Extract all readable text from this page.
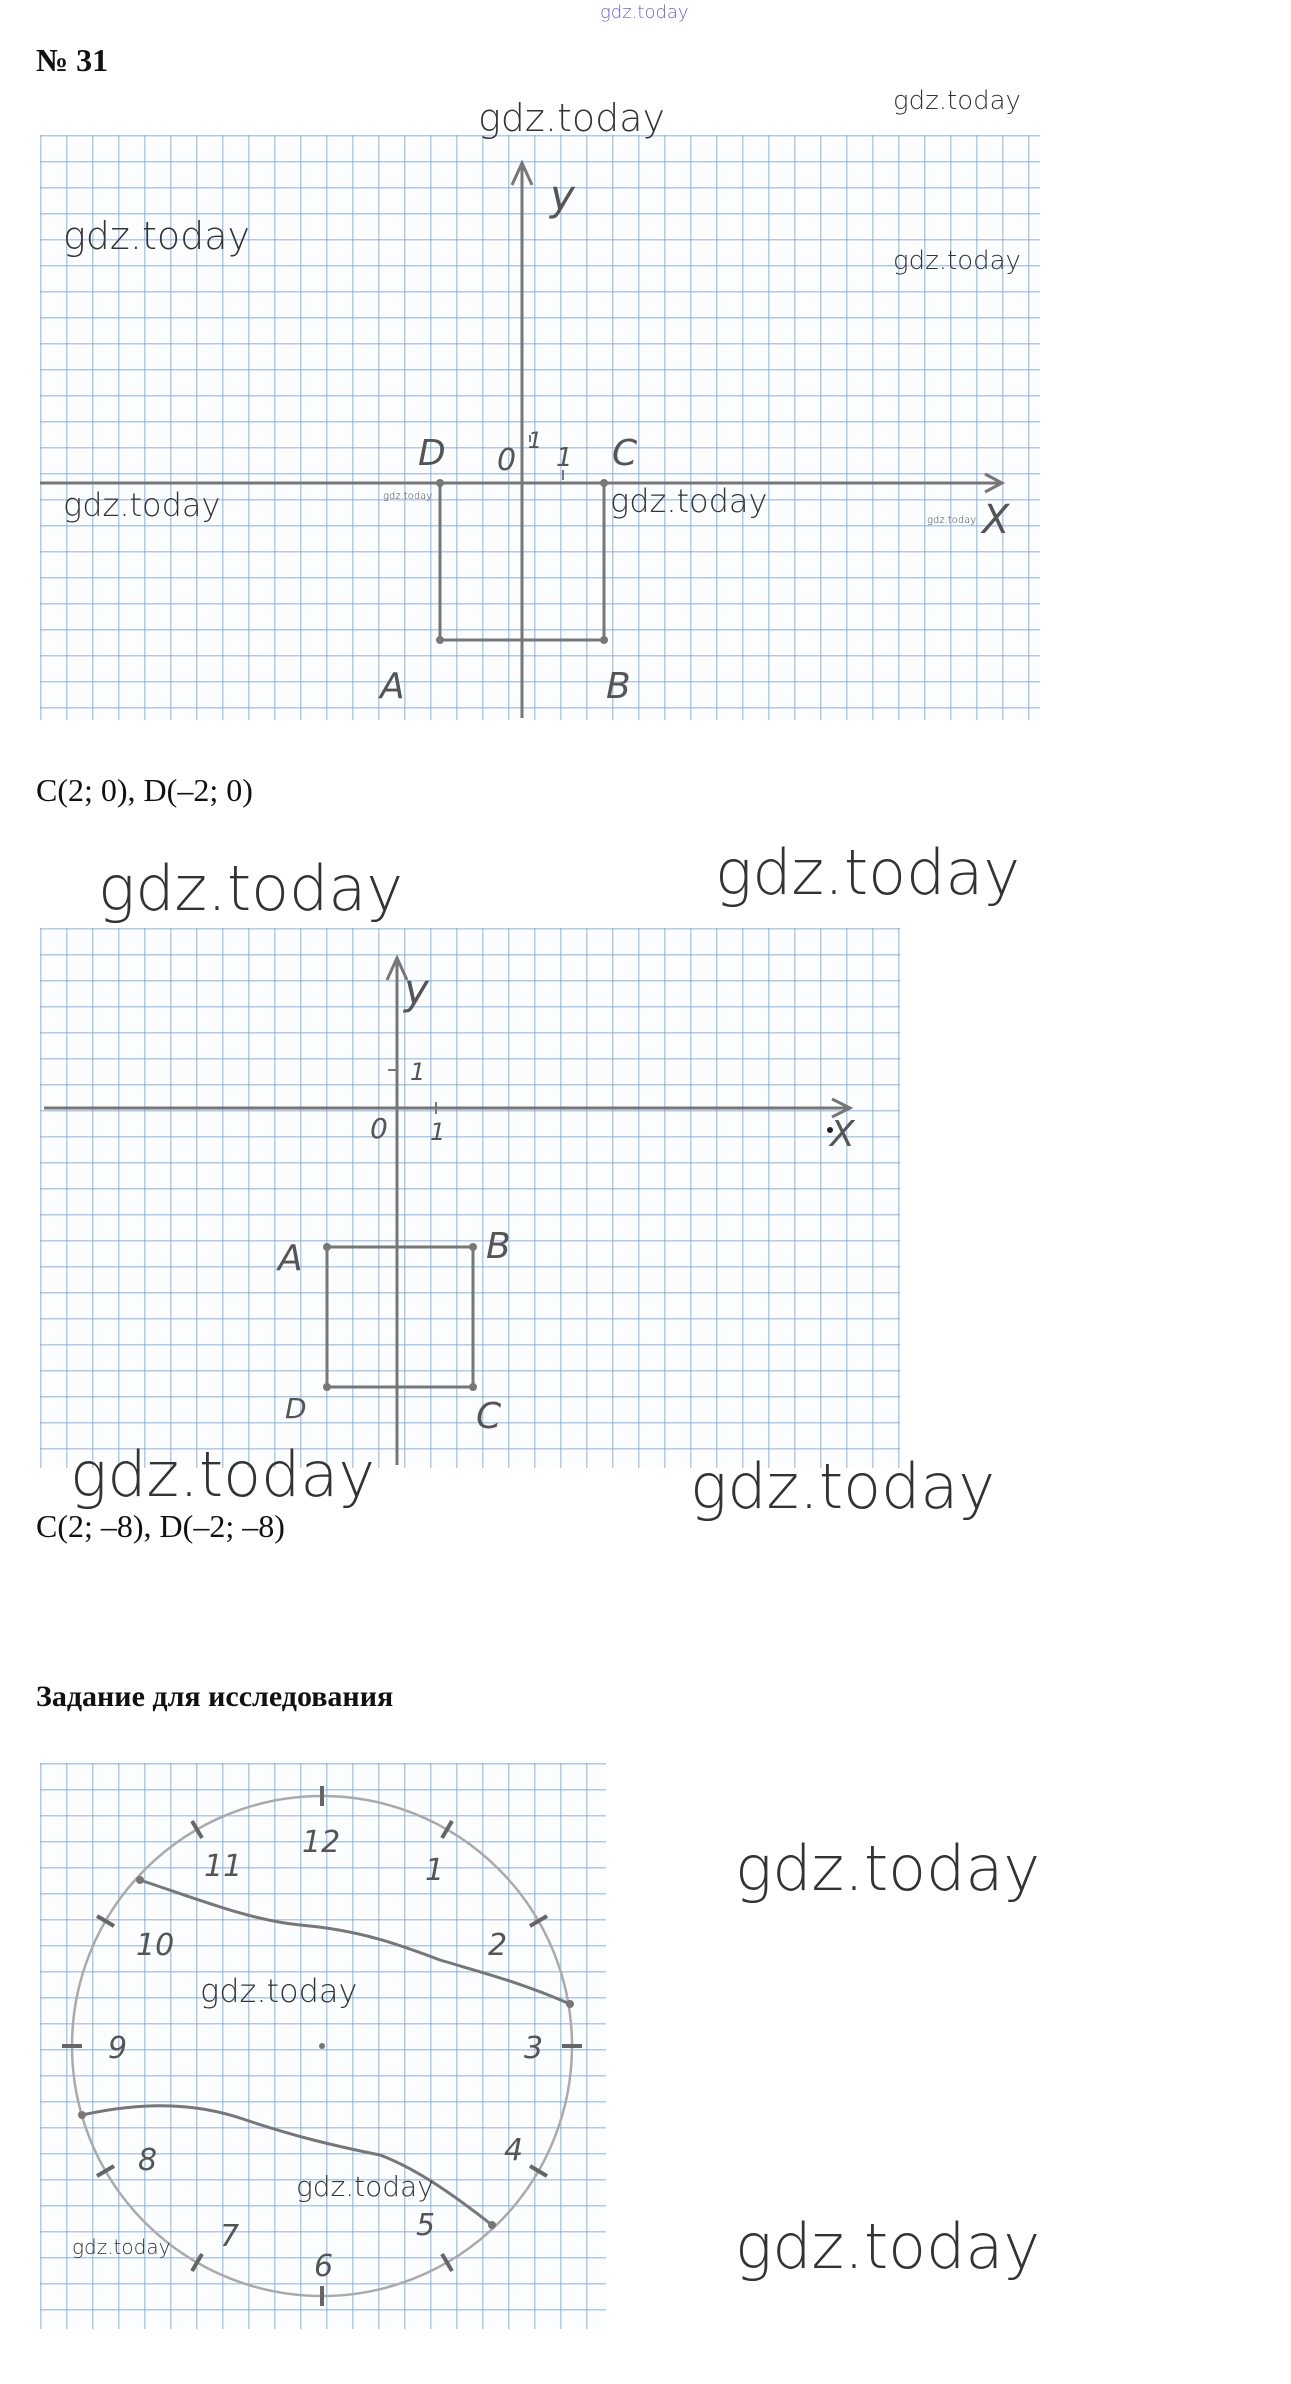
gdz.today
№ 31
y
X
0
1
1
D	C
A	B
gdz.today	gdz.today
gdz.today
gdz.today
gdz.today	gdz.today	gdz.today
gdz.today
C(2; 0), D(–2; 0)
y
X
0
1
1
A	B
D	C
gdz.today	gdz.today
gdz.today	gdz.today
C(2; –8), D(–2; –8)
Задание для исследования
12
1
2
3
4
5
6
7
8
9
10
11	gdz.today
gdz.today
gdz.today
gdz.today	gdz.today
